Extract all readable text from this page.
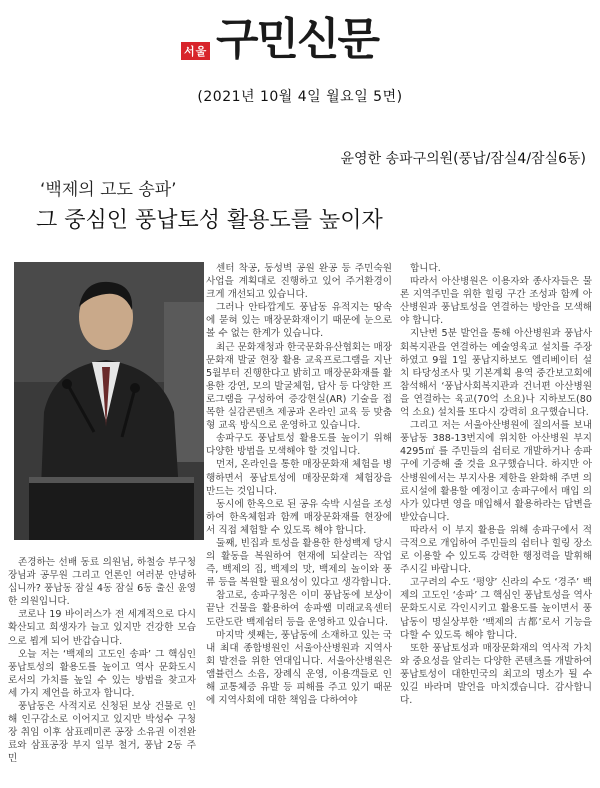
서울 구민신문
(2021년 10월 4일 월요일 5면)
윤영한 송파구의원(풍납/잠실4/잠실6동)
‘백제의 고도 송파’
그 중심인 풍납토성 활용도를 높이자

존경하는 선배 동료 의원님, 하철승 부구청장님과 공무원 그리고 언론인 여러분 안녕하십니까? 풍납동 잠실 4동 잠실 6동 출신 윤영한 의원입니다.

코로나 19 바이러스가 전 세계적으로 다시 확산되고 희생자가 늘고 있지만 건강한 모습으로 뵙게 되어 반갑습니다.

오늘 저는 ‘백제의 고도인 송파’ 그 핵심인 풍납토성의 활용도를 높이고 역사 문화도시로서의 가치를 높일 수 있는 방법을 찾고자 세 가지 제언을 하고자 합니다.

풍납동은 사적지로 신청된 보상 건물로 인해 인구감소로 이어지고 있지만 박성수 구청장 취임 이후 삼표레미콘 공장 소유권 이전완료와 삼표공장 부지 일부 철거, 풍납 2동 주민

센터 착공, 동성벽 공원 완공 등 주민숙원 사업을 계획대로 진행하고 있어 주거환경이 크게 개선되고 있습니다.

그러나 안타깝게도 풍납동 유적지는 땅속에 묻혀 있는 매장문화재이기 때문에 눈으로 볼 수 없는 한계가 있습니다.

최근 문화재청과 한국문화유산협회는 매장문화재 발굴 현장 활용 교육프로그램을 지난 5월부터 진행한다고 밝히고 매장문화재를 활용한 강연, 모의 발굴체험, 답사 등 다양한 프로그램을 구성하여 증강현실(AR) 기술을 접목한 실감콘텐츠 제공과 온라인 교육 등 맞춤형 교육 방식으로 운영하고 있습니다.

송파구도 풍납토성 활용도를 높이기 위해 다양한 방법을 모색해야 할 것입니다.

먼저, 온라인을 통한 매장문화재 체험을 병행하면서 풍납토성에 매장문화재 체험장을 만드는 것입니다.

동시에 한옥으로 된 공유 숙박 시설을 조성하여 한옥체험과 함께 매장문화재를 현장에서 직접 체험할 수 있도록 해야 합니다.

둘째, 빈집과 토성을 활용한 한성백제 당시의 활동을 복원하여 현재에 되살리는 작업 즉, 백제의 집, 백제의 맛, 백제의 놀이와 풍류 등을 복원할 필요성이 있다고 생각합니다.

참고로, 송파구청은 이미 풍납동에 보상이 끝난 건물을 활용하여 송파쌤 미래교육센터 도란도란 백제쉼터 등을 운영하고 있습니다.

마지막 셋째는, 풍납동에 소재하고 있는 국내 최대 종합병원인 서울아산병원과 지역사회 발전을 위한 연대입니다. 서울아산병원은 앰뷸런스 소음, 장례식 운영, 이용객들로 인해 교통체증 유발 등 피해를 주고 있기 때문에 지역사회에 대한 책임을 다하여야

합니다.

따라서 아산병원은 이용자와 종사자들은 물론 지역주민을 위한 힐링 구간 조성과 함께 아산병원과 풍납토성을 연결하는 방안을 모색해야 합니다.

지난번 5분 발언을 통해 아산병원과 풍납사회복지관을 연결하는 예술영육교 설치를 주장하였고 9월 1일 풍납지하보도 엘리베이터 설치 타당성조사 및 기본계획 용역 중간보고회에 참석해서 ‘풍납사회복지관과 건너편 아산병원을 연결하는 육교(70억 소요)나 지하보도(80억 소요) 설치를 또다시 강력히 요구했습니다.

그리고 저는 서울아산병원에 질의서를 보내 풍납동 388-13번지에 위치한 아산병원 부지 4295㎡ 를 주민들의 쉼터로 개발하거나 송파구에 기증해 줄 것을 요구했습니다. 하지만 아산병원에서는 부지사용 제한을 완화해 주면 의료시설에 활용할 예정이고 송파구에서 매입 의사가 있다면 영을 매입해서 활용하라는 답변을 받았습니다.

따라서 이 부지 활용을 위해 송파구에서 적극적으로 개입하여 주민들의 쉼터나 힐링 장소로 이용할 수 있도록 강력한 행정력을 발휘해 주시길 바랍니다.

고구려의 수도 ‘평양’ 신라의 수도 ‘경주’ 백제의 고도인 ‘송파’ 그 핵심인 풍납토성을 역사 문화도시로 각인시키고 활용도를 높이면서 풍납동이 명실상부한 ‘백제의 古都’로서 기능을 다할 수 있도록 해야 합니다.

또한 풍납토성과 매장문화재의 역사적 가치와 중요성을 알리는 다양한 콘텐츠를 개발하여 풍납토성이 대한민국의 최고의 명소가 될 수 있길 바라며 발언을 마치겠습니다. 감사합니다.
